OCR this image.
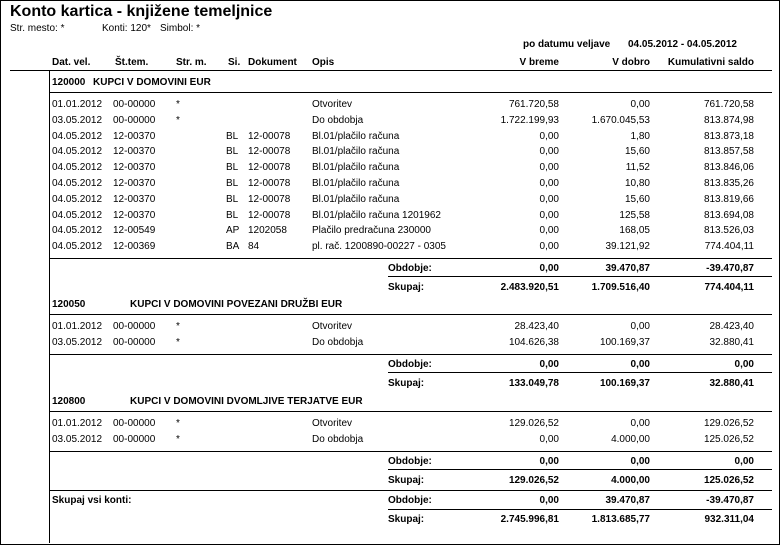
Konto kartica - knjižene temeljnice
Str. mesto: *	Konti: 120* Simbol: *
po datumu veljave 04.05.2012 - 04.05.2012
Dat. vel. Št.tem.	Str. m. Si. Dokument Opis	V breme	V dobro	Kumulativni saldo
120000 KUPCI V DOMOVINI EUR
01.01.2012 00-00000 *	Otvoritev	761.720,58	0,00	761.720,58
03.05.2012 00-00000 *	Do obdobja	1.722.199,93	1.670.045,53	813.874,98
04.05.2012 12-00370	BL 12-00078 Bl.01/plačilo računa	0,00	1,80	813.873,18
04.05.2012 12-00370	BL 12-00078 Bl.01/plačilo računa	0,00	15,60	813.857,58
04.05.2012 12-00370	BL 12-00078 Bl.01/plačilo računa	0,00	11,52	813.846,06
04.05.2012 12-00370	BL 12-00078 Bl.01/plačilo računa	0,00	10,80	813.835,26
04.05.2012 12-00370	BL 12-00078 Bl.01/plačilo računa	0,00	15,60	813.819,66
04.05.2012 12-00370	BL 12-00078 Bl.01/plačilo računa 1201962	0,00	125,58	813.694,08
04.05.2012 12-00549	AP 1202058	Plačilo predračuna 230000	0,00	168,05	813.526,03
04.05.2012 12-00369	BA 84	pl. rač. 1200890-00227 - 0305	0,00	39.121,92	774.404,11
Obdobje:	0,00	39.470,87	-39.470,87
Skupaj:	2.483.920,51	1.709.516,40	774.404,11
120050	KUPCI V DOMOVINI POVEZANI DRUŽBI EUR
01.01.2012 00-00000 *	Otvoritev	28.423,40	0,00	28.423,40
03.05.2012 00-00000 *	Do obdobja	104.626,38	100.169,37	32.880,41
Obdobje:	0,00	0,00	0,00
Skupaj:	133.049,78	100.169,37	32.880,41
120800	KUPCI V DOMOVINI DVOMLJIVE TERJATVE EUR
01.01.2012 00-00000 *	Otvoritev	129.026,52	0,00	129.026,52
03.05.2012 00-00000 *	Do obdobja	0,00	4.000,00	125.026,52
Obdobje:	0,00	0,00	0,00
Skupaj:	129.026,52	4.000,00	125.026,52
Skupaj vsi konti:	Obdobje:	0,00	39.470,87	-39.470,87
Skupaj:	2.745.996,81	1.813.685,77	932.311,04
